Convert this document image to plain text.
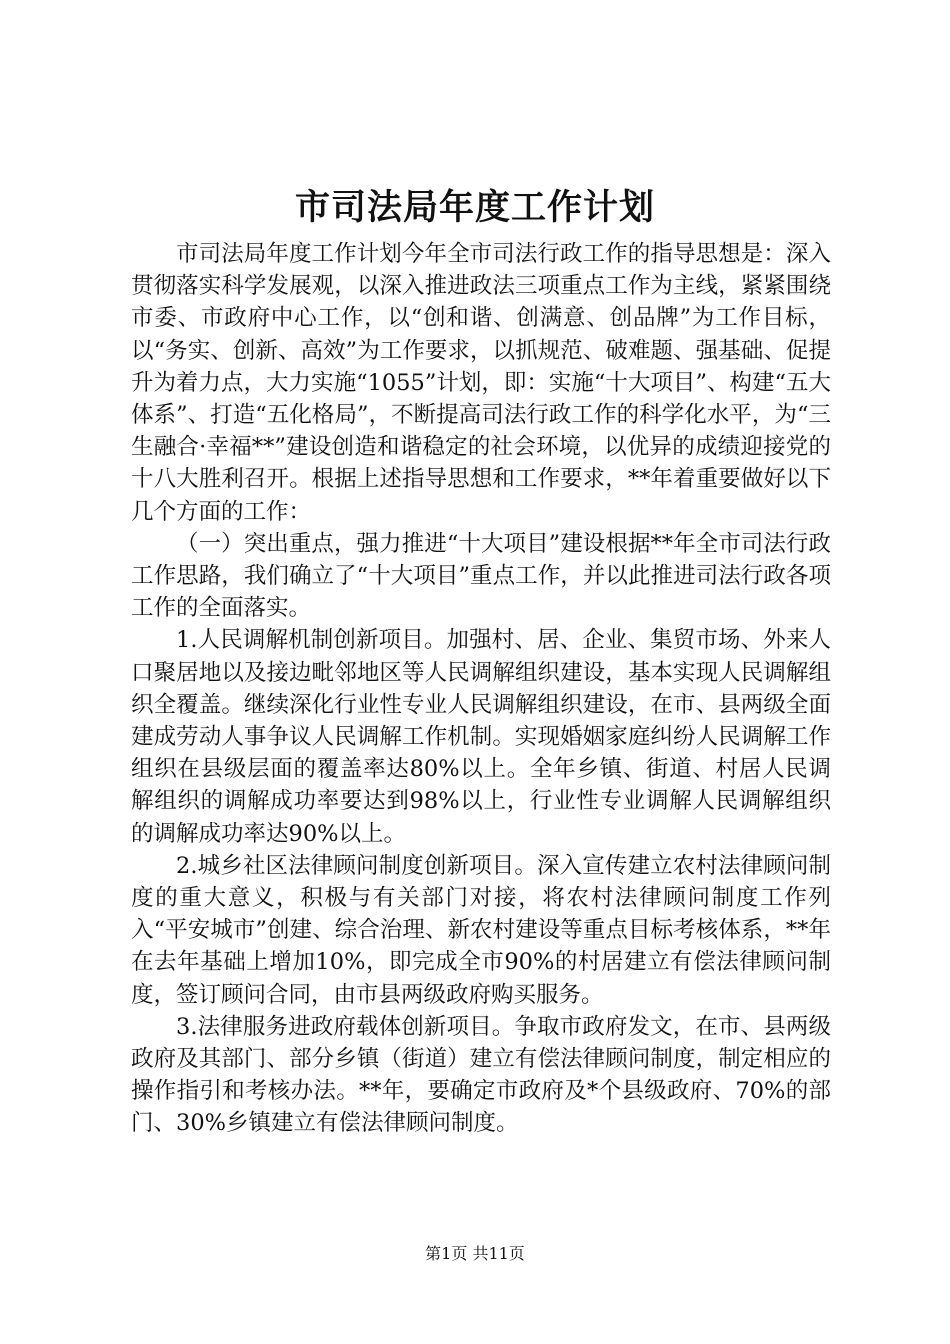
市司法局年度工作计划

市司法局年度工作计划今年全市司法行政工作的指导思想是：深入贯彻落实科学发展观，以深入推进政法三项重点工作为主线，紧紧围绕市委、市政府中心工作，以“创和谐、创满意、创品牌”为工作目标，以“务实、创新、高效”为工作要求，以抓规范、破难题、强基础、促提升为着力点，大力实施“1055”计划，即：实施“十大项目”、构建“五大体系”、打造“五化格局”，不断提高司法行政工作的科学化水平，为“三生融合·幸福**”建设创造和谐稳定的社会环境，以优异的成绩迎接党的十八大胜利召开。根据上述指导思想和工作要求，**年着重要做好以下几个方面的工作：

（一）突出重点，强力推进“十大项目”建设根据**年全市司法行政工作思路，我们确立了“十大项目”重点工作，并以此推进司法行政各项工作的全面落实。

1.人民调解机制创新项目。加强村、居、企业、集贸市场、外来人口聚居地以及接边毗邻地区等人民调解组织建设，基本实现人民调解组织全覆盖。继续深化行业性专业人民调解组织建设，在市、县两级全面建成劳动人事争议人民调解工作机制。实现婚姻家庭纠纷人民调解工作组织在县级层面的覆盖率达80%以上。全年乡镇、街道、村居人民调解组织的调解成功率要达到98%以上，行业性专业调解人民调解组织的调解成功率达90%以上。

2.城乡社区法律顾问制度创新项目。深入宣传建立农村法律顾问制度的重大意义，积极与有关部门对接，将农村法律顾问制度工作列入“平安城市”创建、综合治理、新农村建设等重点目标考核体系，**年在去年基础上增加10%，即完成全市90%的村居建立有偿法律顾问制度，签订顾问合同，由市县两级政府购买服务。

3.法律服务进政府载体创新项目。争取市政府发文，在市、县两级政府及其部门、部分乡镇（街道）建立有偿法律顾问制度，制定相应的操作指引和考核办法。**年，要确定市政府及*个县级政府、70%的部门、30%乡镇建立有偿法律顾问制度。

第1页 共11页
